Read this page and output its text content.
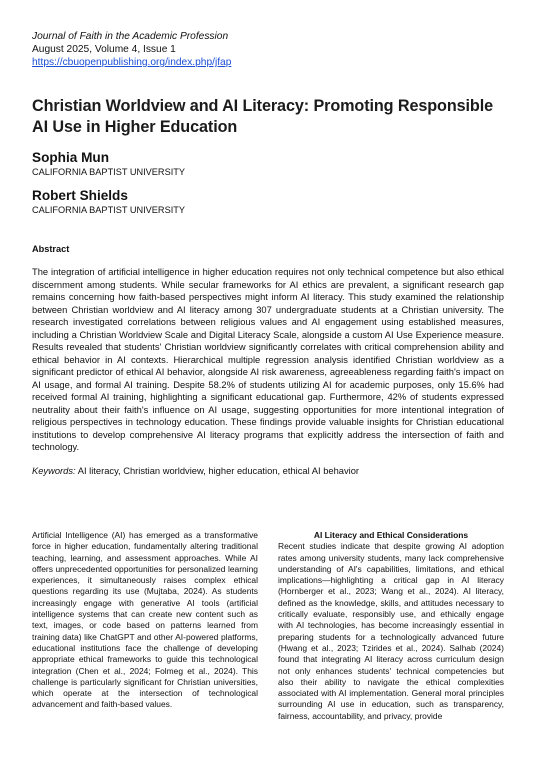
Journal of Faith in the Academic Profession
August 2025, Volume 4, Issue 1
https://cbuopenpublishing.org/index.php/jfap
Christian Worldview and AI Literacy: Promoting Responsible AI Use in Higher Education
Sophia Mun
CALIFORNIA BAPTIST UNIVERSITY
Robert Shields
CALIFORNIA BAPTIST UNIVERSITY
Abstract
The integration of artificial intelligence in higher education requires not only technical competence but also ethical discernment among students. While secular frameworks for AI ethics are prevalent, a significant research gap remains concerning how faith-based perspectives might inform AI literacy. This study examined the relationship between Christian worldview and AI literacy among 307 undergraduate students at a Christian university. The research investigated correlations between religious values and AI engagement using established measures, including a Christian Worldview Scale and Digital Literacy Scale, alongside a custom AI Use Experience measure. Results revealed that students' Christian worldview significantly correlates with critical comprehension ability and ethical behavior in AI contexts. Hierarchical multiple regression analysis identified Christian worldview as a significant predictor of ethical AI behavior, alongside AI risk awareness, agreeableness regarding faith's impact on AI usage, and formal AI training. Despite 58.2% of students utilizing AI for academic purposes, only 15.6% had received formal AI training, highlighting a significant educational gap. Furthermore, 42% of students expressed neutrality about their faith's influence on AI usage, suggesting opportunities for more intentional integration of religious perspectives in technology education. These findings provide valuable insights for Christian educational institutions to develop comprehensive AI literacy programs that explicitly address the intersection of faith and technology.
Keywords: AI literacy, Christian worldview, higher education, ethical AI behavior
Artificial Intelligence (AI) has emerged as a transformative force in higher education, fundamentally altering traditional teaching, learning, and assessment approaches. While AI offers unprecedented opportunities for personalized learning experiences, it simultaneously raises complex ethical questions regarding its use (Mujtaba, 2024). As students increasingly engage with generative AI tools (artificial intelligence systems that can create new content such as text, images, or code based on patterns learned from training data) like ChatGPT and other AI-powered platforms, educational institutions face the challenge of developing appropriate ethical frameworks to guide this technological integration (Chen et al., 2024; Folmeg et al., 2024). This challenge is particularly significant for Christian universities, which operate at the intersection of technological advancement and faith-based values.
AI Literacy and Ethical Considerations
Recent studies indicate that despite growing AI adoption rates among university students, many lack comprehensive understanding of AI's capabilities, limitations, and ethical implications—highlighting a critical gap in AI literacy (Hornberger et al., 2023; Wang et al., 2024). AI literacy, defined as the knowledge, skills, and attitudes necessary to critically evaluate, responsibly use, and ethically engage with AI technologies, has become increasingly essential in preparing students for a technologically advanced future (Hwang et al., 2023; Tzirides et al., 2024). Salhab (2024) found that integrating AI literacy across curriculum design not only enhances students' technical competencies but also their ability to navigate the ethical complexities associated with AI implementation. General moral principles surrounding AI use in education, such as transparency, fairness, accountability, and privacy, provide
